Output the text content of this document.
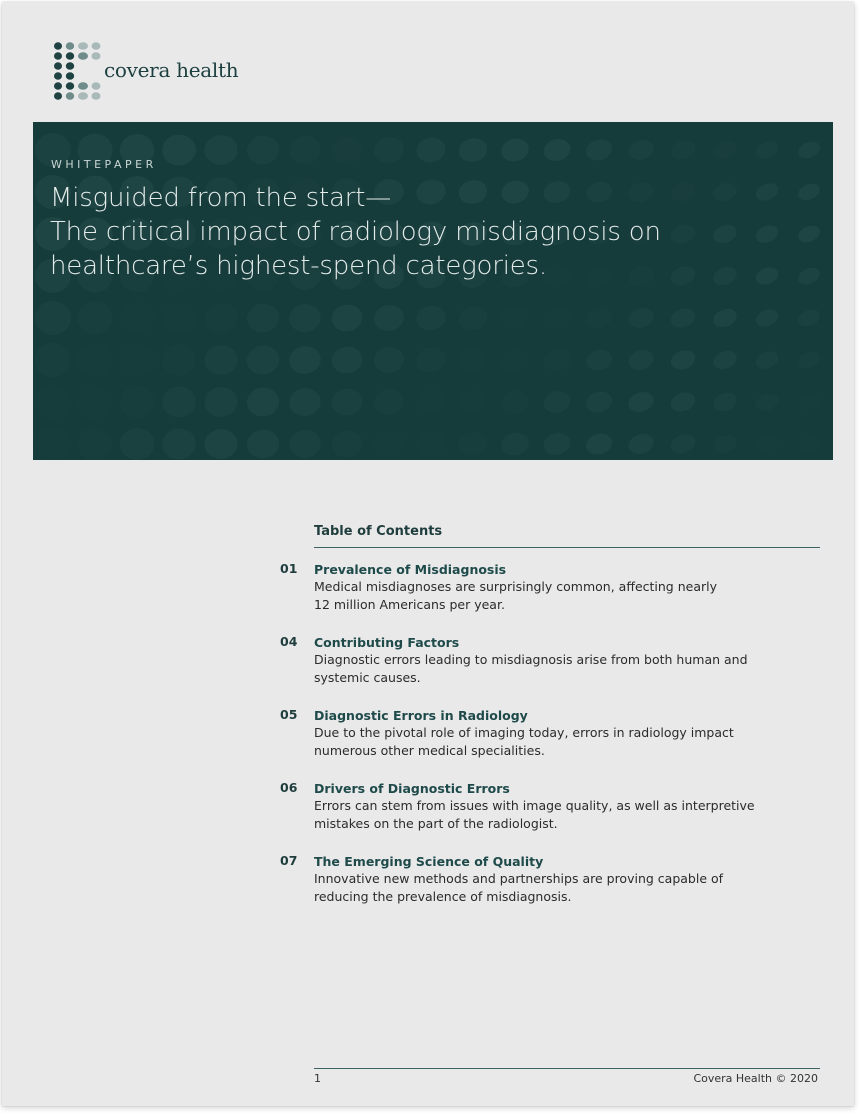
covera health
WHITEPAPER
Misguided from the start—
The critical impact of radiology misdiagnosis on
healthcare’s highest-spend categories.
Table of Contents
01 Prevalence of Misdiagnosis
Medical misdiagnoses are surprisingly common, affecting nearly
12 million Americans per year.
04 Contributing Factors
Diagnostic errors leading to misdiagnosis arise from both human and
systemic causes.
05 Diagnostic Errors in Radiology
Due to the pivotal role of imaging today, errors in radiology impact
numerous other medical specialities.
06 Drivers of Diagnostic Errors
Errors can stem from issues with image quality, as well as interpretive
mistakes on the part of the radiologist.
07 The Emerging Science of Quality
Innovative new methods and partnerships are proving capable of
reducing the prevalence of misdiagnosis.
1	Covera Health © 2020
